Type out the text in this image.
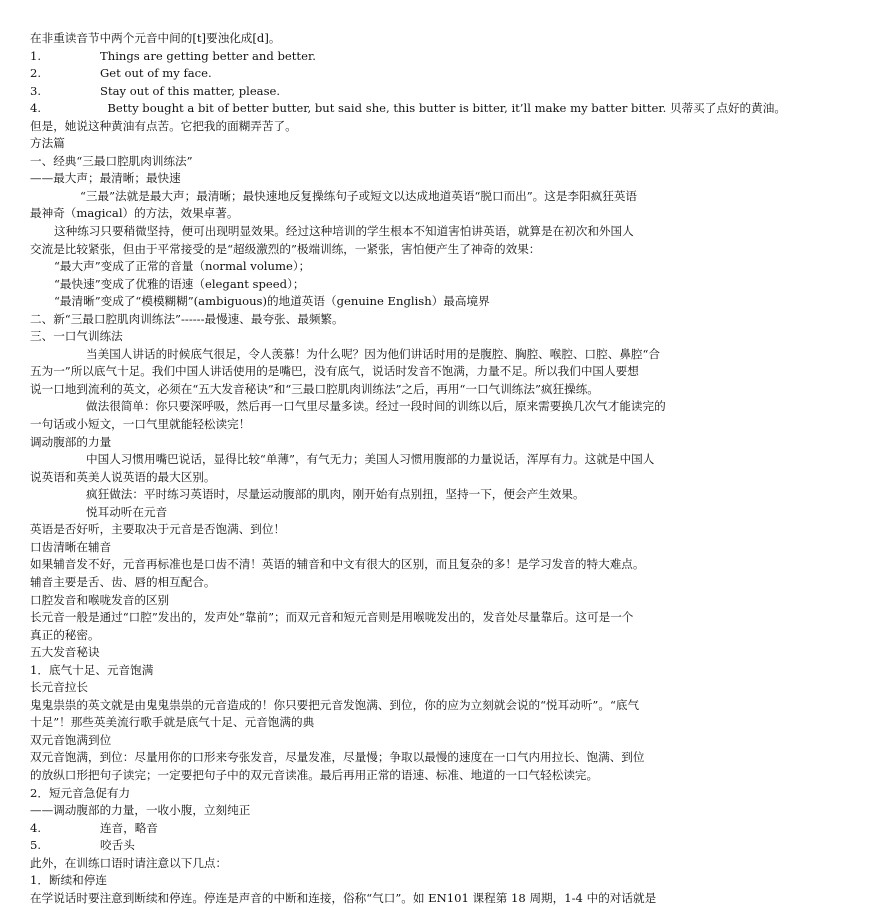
在非重读音节中两个元音中间的[t]要浊化成[d]。
1.	Things are getting better and better.
2.	Get out of my face.
3.	Stay out of this matter, please.
4.	Betty bought a bit of better butter, but said she, this butter is bitter, it’ll make my batter bitter. 贝蒂买了点好的黄油。
但是，她说这种黄油有点苦。它把我的面糊弄苦了。
方法篇
一、经典“三最口腔肌肉训练法”
——最大声；最清晰；最快速
“三最”法就是最大声；最清晰；最快速地反复操练句子或短文以达成地道英语“脱口而出”。这是李阳疯狂英语
最神奇（magical）的方法，效果卓著。
这种练习只要稍微坚持，便可出现明显效果。经过这种培训的学生根本不知道害怕讲英语，就算是在初次和外国人
交流是比较紧张，但由于平常接受的是“超级激烈的”极端训练，一紧张，害怕便产生了神奇的效果：
“最大声”变成了正常的音量（normal volume）；
“最快速”变成了优雅的语速（elegant speed）；
“最清晰”变成了“模模糊糊”(ambiguous)的地道英语（genuine English）最高境界
二、新“三最口腔肌肉训练法”------最慢速、最夸张、最频繁。
三、一口气训练法
当美国人讲话的时候底气很足，令人羡慕！为什么呢？因为他们讲话时用的是腹腔、胸腔、喉腔、口腔、鼻腔“合
五为一”所以底气十足。我们中国人讲话使用的是嘴巴，没有底气，说话时发音不饱满，力量不足。所以我们中国人要想
说一口地到流利的英文，必须在“五大发音秘诀”和“三最口腔肌肉训练法”之后，再用“一口气训练法”疯狂操练。
做法很简单：你只要深呼吸，然后再一口气里尽量多读。经过一段时间的训练以后，原来需要换几次气才能读完的
一句话或小短文，一口气里就能轻松读完！
调动腹部的力量
中国人习惯用嘴巴说话，显得比较“单薄”，有气无力；美国人习惯用腹部的力量说话，浑厚有力。这就是中国人
说英语和英美人说英语的最大区别。
疯狂做法：平时练习英语时，尽量运动腹部的肌肉，刚开始有点别扭，坚持一下，便会产生效果。
悦耳动听在元音
英语是否好听，主要取决于元音是否饱满、到位！
口齿清晰在辅音
如果辅音发不好，元音再标准也是口齿不清！英语的辅音和中文有很大的区别，而且复杂的多！是学习发音的特大难点。
辅音主要是舌、齿、唇的相互配合。
口腔发音和喉咙发音的区别
长元音一般是通过“口腔”发出的，发声处“靠前”；而双元音和短元音则是用喉咙发出的，发音处尽量靠后。这可是一个
真正的秘密。
五大发音秘诀
1．底气十足、元音饱满
长元音拉长
鬼鬼祟祟的英文就是由鬼鬼祟祟的元音造成的！你只要把元音发饱满、到位，你的应为立刻就会说的“悦耳动听”。“底气
十足”！那些英美流行歌手就是底气十足、元音饱满的典
双元音饱满到位
双元音饱满，到位：尽量用你的口形来夸张发音，尽量发准，尽量慢；争取以最慢的速度在一口气内用拉长、饱满、到位
的放纵口形把句子读完；一定要把句子中的双元音读准。最后再用正常的语速、标准、地道的一口气轻松读完。
2．短元音急促有力
——调动腹部的力量，一收小腹，立刻纯正
4.	连音，略音
5.	咬舌头
此外，在训练口语时请注意以下几点：
1．断续和停连
在学说话时要注意到断续和停连。停连是声音的中断和连接，俗称“气口”。如 EN101 课程第 18 周期，1-4 中的对话就是
